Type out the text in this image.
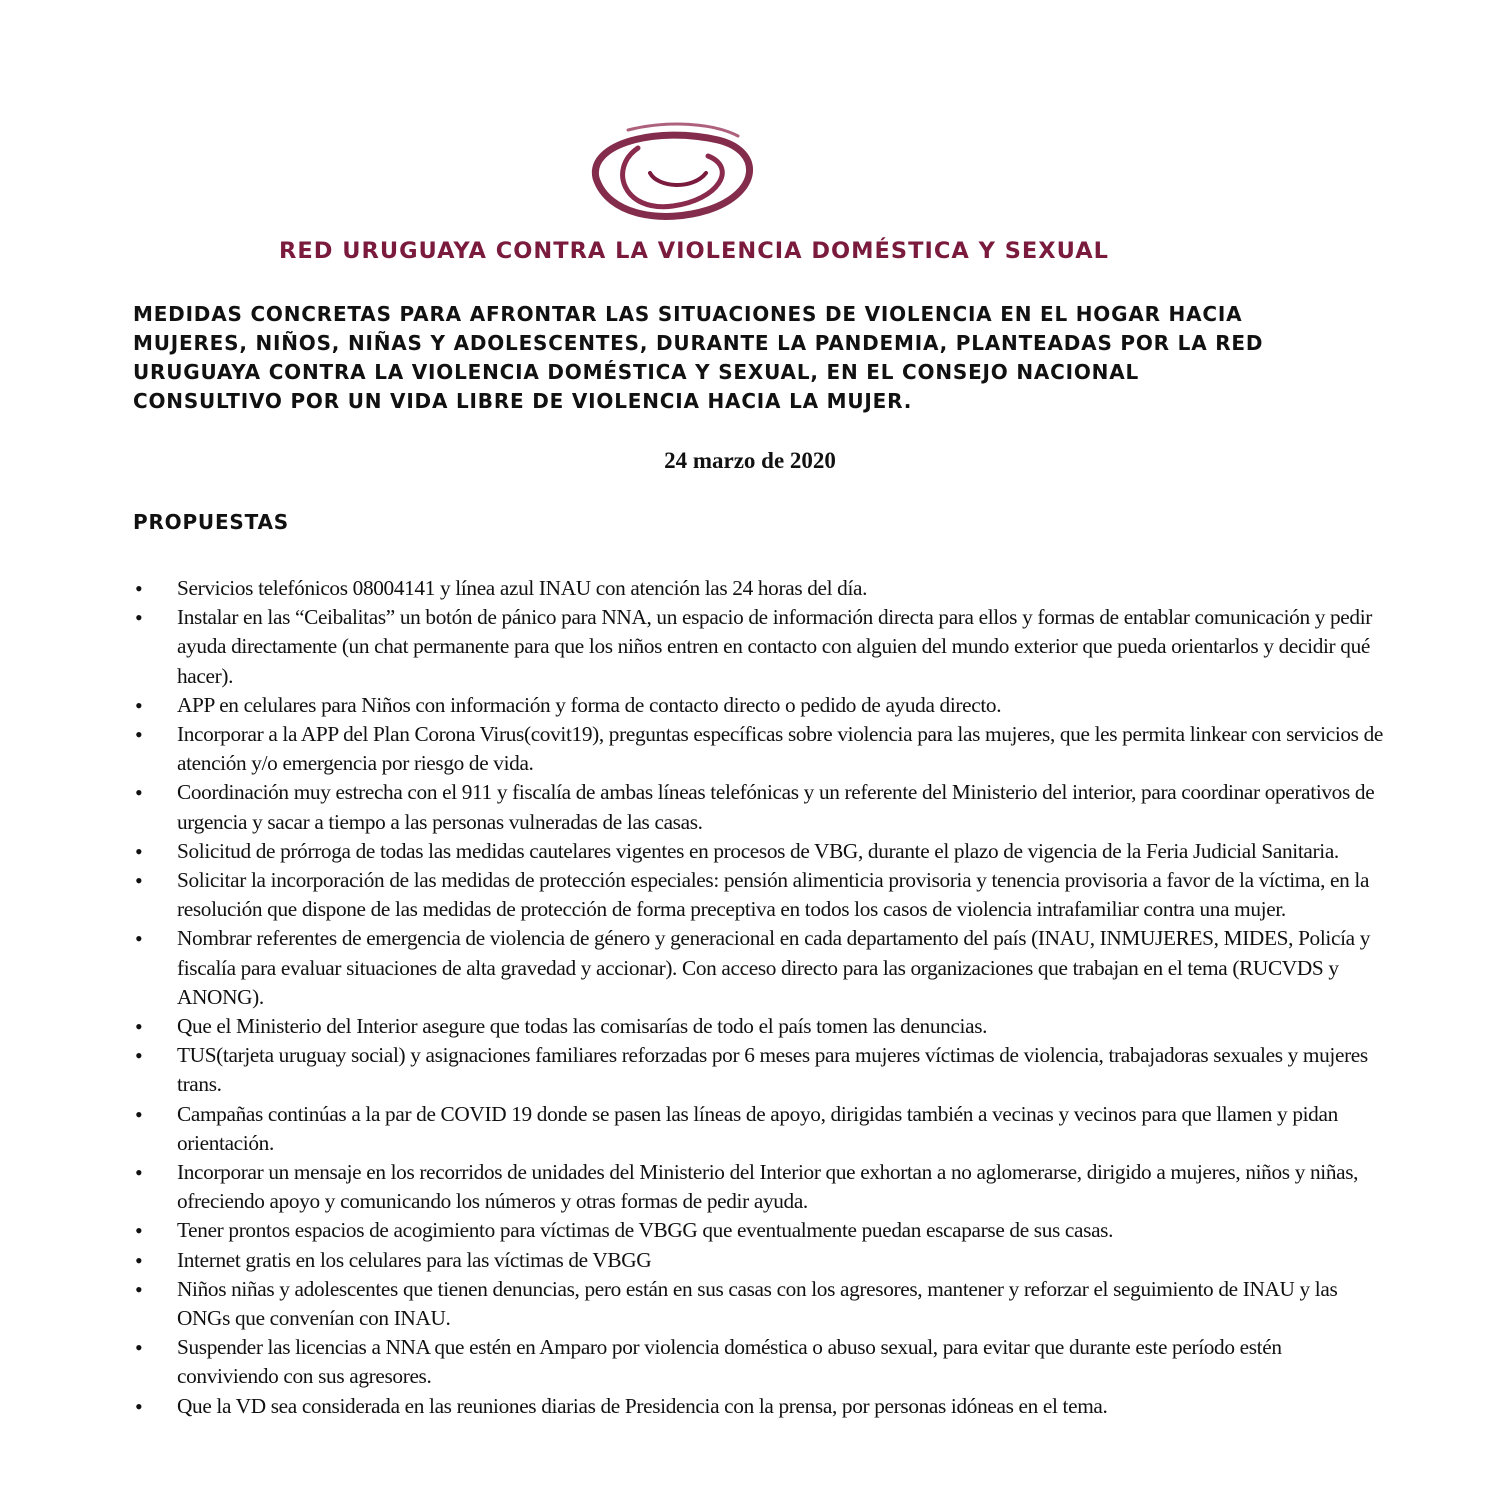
RED URUGUAYA CONTRA LA VIOLENCIA DOMÉSTICA Y SEXUAL
MEDIDAS CONCRETAS PARA AFRONTAR LAS SITUACIONES DE VIOLENCIA EN EL HOGAR HACIA
MUJERES, NIÑOS, NIÑAS Y ADOLESCENTES, DURANTE LA PANDEMIA, PLANTEADAS POR LA RED
URUGUAYA CONTRA LA VIOLENCIA DOMÉSTICA Y SEXUAL, EN EL CONSEJO NACIONAL
CONSULTIVO POR UN VIDA LIBRE DE VIOLENCIA HACIA LA MUJER.

24 marzo de 2020

PROPUESTAS
• Servicios telefónicos 08004141 y línea azul INAU con atención las 24 horas del día.
• Instalar en las “Ceibalitas” un botón de pánico para NNA, un espacio de información directa para ellos y formas de entablar comunicación y pedir ayuda directamente (un chat permanente para que los niños entren en contacto con alguien del mundo exterior que pueda orientarlos y decidir qué hacer).
• APP en celulares para Niños con información y forma de contacto directo o pedido de ayuda directo.
• Incorporar a la APP del Plan Corona Virus(covit19), preguntas específicas sobre violencia para las mujeres, que les permita linkear con servicios de atención y/o emergencia por riesgo de vida.
• Coordinación muy estrecha con el 911 y fiscalía de ambas líneas telefónicas y un referente del Ministerio del interior, para coordinar operativos de urgencia y sacar a tiempo a las personas vulneradas de las casas.
• Solicitud de prórroga de todas las medidas cautelares vigentes en procesos de VBG, durante el plazo de vigencia de la Feria Judicial Sanitaria.
• Solicitar la incorporación de las medidas de protección especiales: pensión alimenticia provisoria y tenencia provisoria a favor de la víctima, en la resolución que dispone de las medidas de protección de forma preceptiva en todos los casos de violencia intrafamiliar contra una mujer.
• Nombrar referentes de emergencia de violencia de género y generacional en cada departamento del país (INAU, INMUJERES, MIDES, Policía y fiscalía para evaluar situaciones de alta gravedad y accionar). Con acceso directo para las organizaciones que trabajan en el tema (RUCVDS y ANONG).
• Que el Ministerio del Interior asegure que todas las comisarías de todo el país tomen las denuncias.
• TUS(tarjeta uruguay social) y asignaciones familiares reforzadas por 6 meses para mujeres víctimas de violencia, trabajadoras sexuales y mujeres trans.
• Campañas continúas a la par de COVID 19 donde se pasen las líneas de apoyo, dirigidas también a vecinas y vecinos para que llamen y pidan orientación.
• Incorporar un mensaje en los recorridos de unidades del Ministerio del Interior que exhortan a no aglomerarse, dirigido a mujeres, niños y niñas, ofreciendo apoyo y comunicando los números y otras formas de pedir ayuda.
• Tener prontos espacios de acogimiento para víctimas de VBGG que eventualmente puedan escaparse de sus casas.
• Internet gratis en los celulares para las víctimas de VBGG
• Niños niñas y adolescentes que tienen denuncias, pero están en sus casas con los agresores, mantener y reforzar el seguimiento de INAU y las ONGs que convenían con INAU.
• Suspender las licencias a NNA que estén en Amparo por violencia doméstica o abuso sexual, para evitar que durante este período estén conviviendo con sus agresores.
• Que la VD sea considerada en las reuniones diarias de Presidencia con la prensa, por personas idóneas en el tema.
